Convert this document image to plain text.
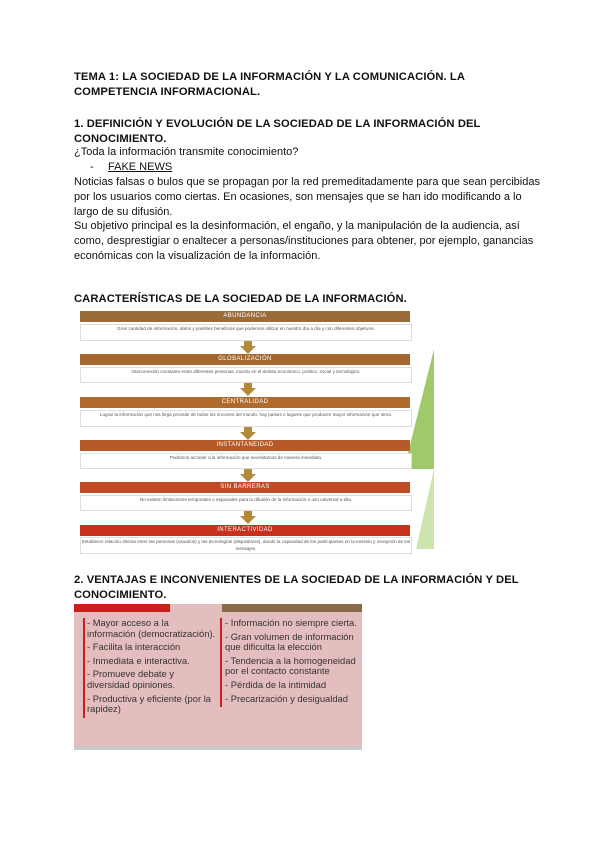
TEMA 1: LA SOCIEDAD DE LA INFORMACIÓN Y LA COMUNICACIÓN. LA COMPETENCIA INFORMACIONAL.
1. DEFINICIÓN Y EVOLUCIÓN DE LA SOCIEDAD DE LA INFORMACIÓN DEL CONOCIMIENTO.
¿Toda la información transmite conocimiento?
- FAKE NEWS
Noticias falsas o bulos que se propagan por la red premeditadamente para que sean percibidas por los usuarios como ciertas. En ocasiones, son mensajes que se han ido modificando a lo largo de su difusión.
Su objetivo principal es la desinformación, el engaño, y la manipulación de la audiencia, así como, desprestigiar o enaltecer a personas/instituciones para obtener, por ejemplo, ganancias económicas con la visualización de la información.
CARACTERÍSTICAS DE LA SOCIEDAD DE LA INFORMACIÓN.
ABUNDANCIA
Gran cantidad de información, datos y posibles beneficios que podemos utilizar en nuestro día a día y con diferentes objetivos.
GLOBALIZACIÓN
Interconexión constante entre diferentes personas, mundo en el ámbito económico, político, social y tecnológico.
CENTRALIDAD
Lograr la información que nos llega procede de todos los rincones del mundo, hay países o lugares que producen mayor información que otros.
INSTANTANEIDAD
Podemos acceder a la información que necesitamos de manera inmediata.
SIN BARRERAS
No existen limitaciones temporales o espaciales para la difusión de la información o uso universal a ella.
INTERACTIVIDAD
Establecer relación directa entre las personas (usuarios) y las tecnologías (dispositivos), dando la capacidad de los participantes en la emisión y recepción de los mensajes.
2. VENTAJAS E INCONVENIENTES DE LA SOCIEDAD DE LA INFORMACIÓN Y DEL CONOCIMIENTO.
- Mayor acceso a la información (democratización).
- Facilita la interacción
- Inmediata e interactiva.
- Promueve debate y diversidad opiniones.
- Productiva y eficiente (por la rapidez)
- Información no siempre cierta.
- Gran volumen de información que dificulta la elección
- Tendencia a la homogeneidad por el contacto constante
- Pérdida de la intimidad
- Precarización y desigualdad
